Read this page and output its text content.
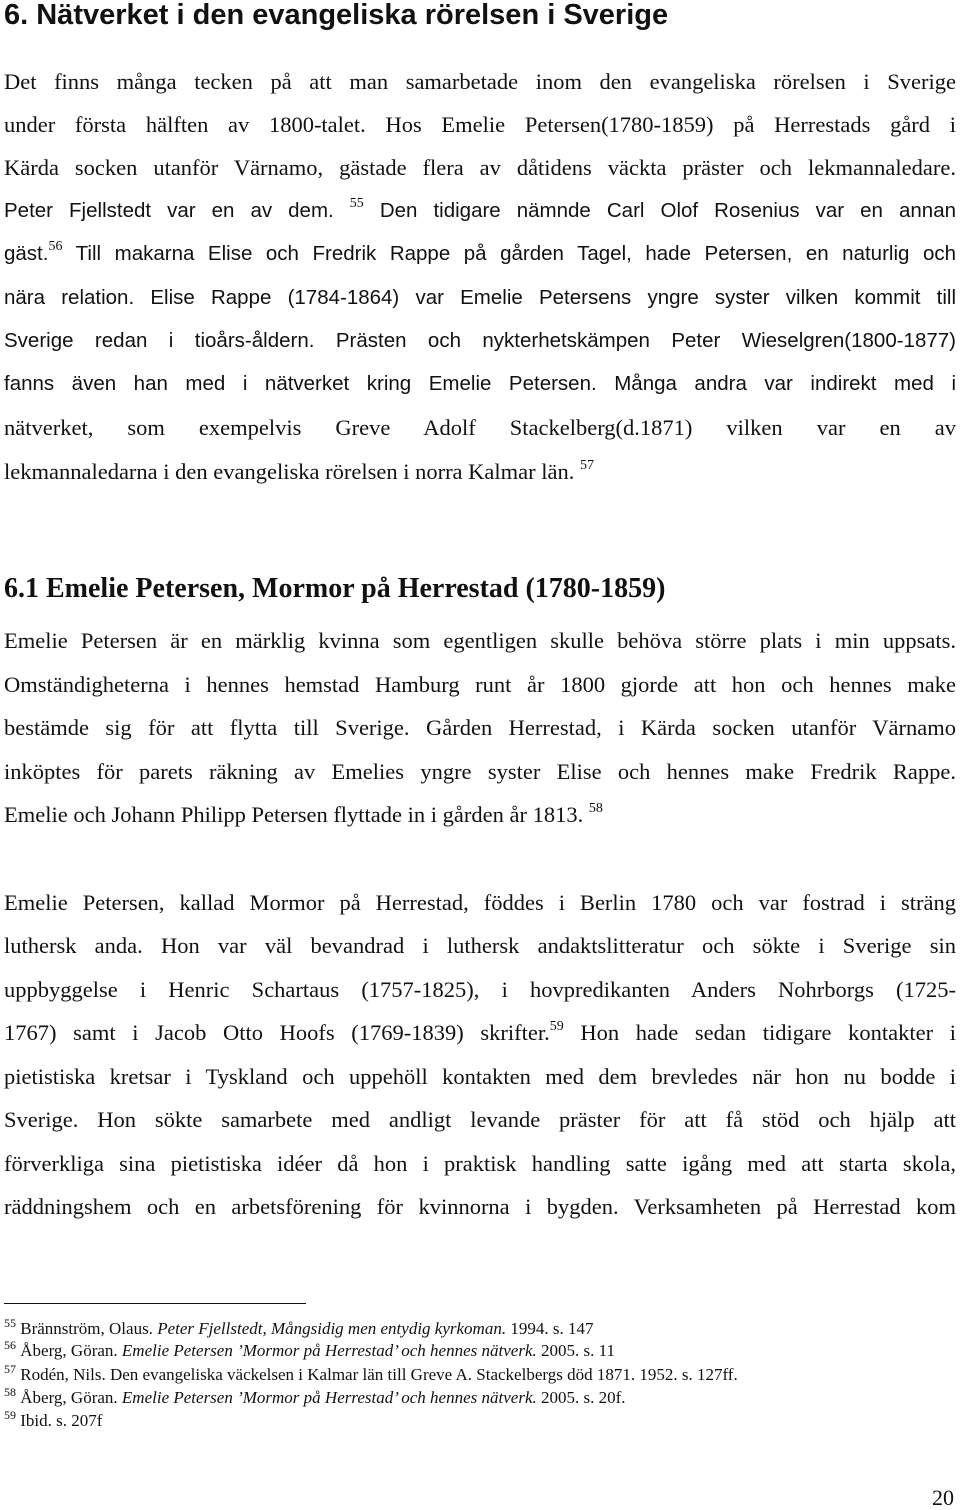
6. Nätverket i den evangeliska rörelsen i Sverige
Det finns många tecken på att man samarbetade inom den evangeliska rörelsen i Sverige
under första hälften av 1800-talet. Hos Emelie Petersen(1780-1859) på Herrestads gård i
Kärda socken utanför Värnamo, gästade flera av dåtidens väckta präster och lekmannaledare.
Peter Fjellstedt var en av dem. $^{55}$ Den tidigare nämnde Carl Olof Rosenius var en annan
gäst.$^{56}$ Till makarna Elise och Fredrik Rappe på gården Tagel, hade Petersen, en naturlig och
nära relation. Elise Rappe (1784-1864) var Emelie Petersens yngre syster vilken kommit till
Sverige redan i tioårs-åldern. Prästen och nykterhetskämpen Peter Wieselgren(1800-1877)
fanns även han med i nätverket kring Emelie Petersen. Många andra var indirekt med i
nätverket, som exempelvis Greve Adolf Stackelberg(d.1871) vilken var en av
lekmannaledarna i den evangeliska rörelsen i norra Kalmar län. $^{57}$
6.1 Emelie Petersen, Mormor på Herrestad (1780-1859)
Emelie Petersen är en märklig kvinna som egentligen skulle behöva större plats i min uppsats.
Omständigheterna i hennes hemstad Hamburg runt år 1800 gjorde att hon och hennes make
bestämde sig för att flytta till Sverige. Gården Herrestad, i Kärda socken utanför Värnamo
inköptes för parets räkning av Emelies yngre syster Elise och hennes make Fredrik Rappe.
Emelie och Johann Philipp Petersen flyttade in i gården år 1813. $^{58}$
Emelie Petersen, kallad Mormor på Herrestad, föddes i Berlin 1780 och var fostrad i sträng
luthersk anda. Hon var väl bevandrad i luthersk andaktslitteratur och sökte i Sverige sin
uppbyggelse i Henric Schartaus (1757-1825), i hovpredikanten Anders Nohrborgs (1725-
1767) samt i Jacob Otto Hoofs (1769-1839) skrifter.$^{59}$ Hon hade sedan tidigare kontakter i
pietistiska kretsar i Tyskland och uppehöll kontakten med dem brevledes när hon nu bodde i
Sverige. Hon sökte samarbete med andligt levande präster för att få stöd och hjälp att
förverkliga sina pietistiska idéer då hon i praktisk handling satte igång med att starta skola,
räddningshem och en arbetsförening för kvinnorna i bygden. Verksamheten på Herrestad kom
$^{55}$ Brännström, Olaus. Peter Fjellstedt, Mångsidig men entydig kyrkoman. 1994. s. 147
$^{56}$ Åberg, Göran. Emelie Petersen ’Mormor på Herrestad’ och hennes nätverk. 2005. s. 11
$^{57}$ Rodén, Nils. Den evangeliska väckelsen i Kalmar län till Greve A. Stackelbergs död 1871. 1952. s. 127ff.
$^{58}$ Åberg, Göran. Emelie Petersen ’Mormor på Herrestad’ och hennes nätverk. 2005. s. 20f.
$^{59}$ Ibid. s. 207f
20
